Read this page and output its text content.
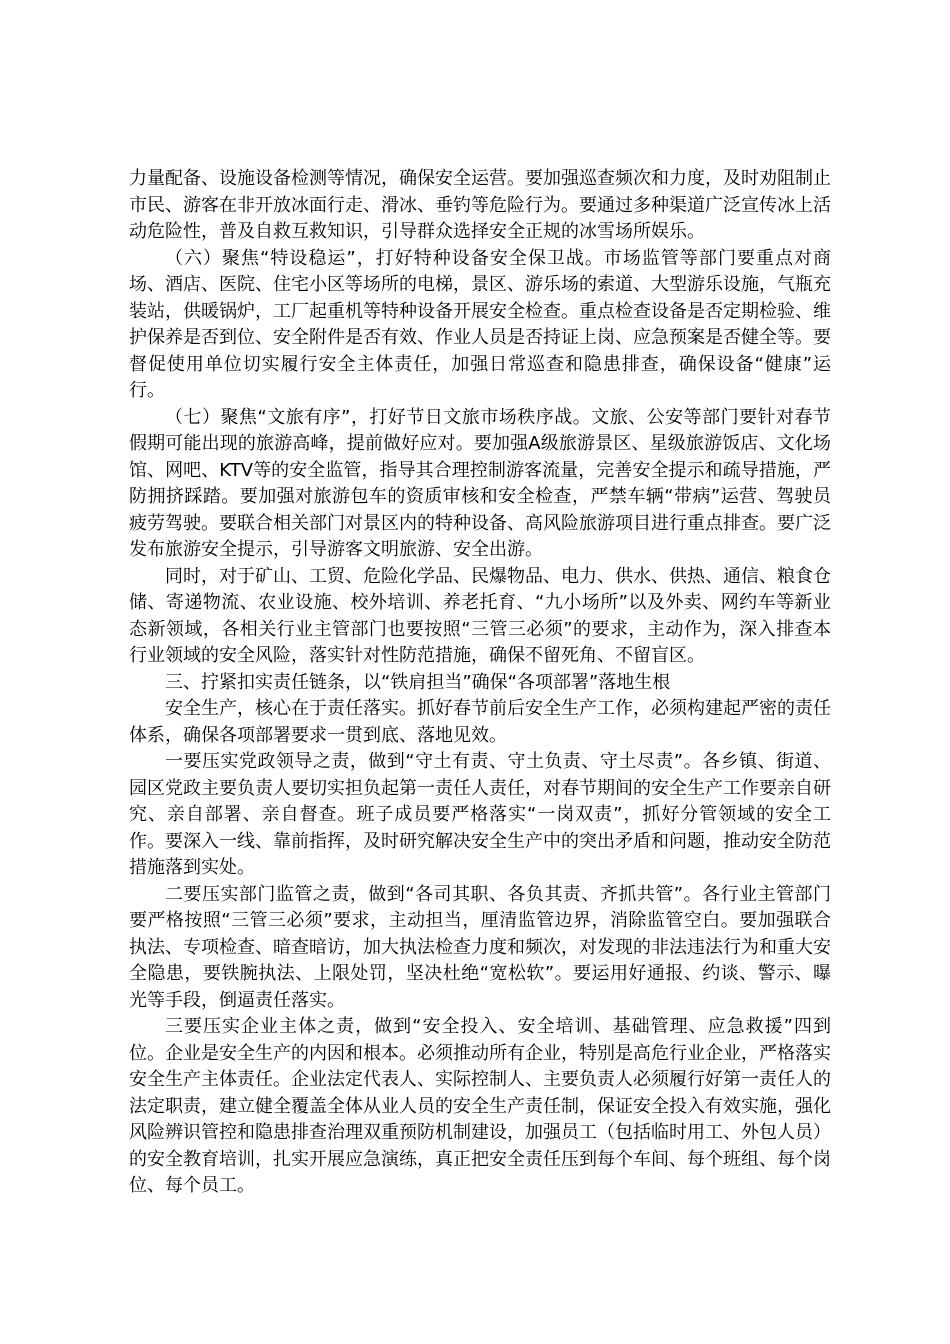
力量配备、设施设备检测等情况，确保安全运营。要加强巡查频次和力度，及时劝阻制止市民、游客在非开放冰面行走、滑冰、垂钓等危险行为。要通过多种渠道广泛宣传冰上活动危险性，普及自救互救知识，引导群众选择安全正规的冰雪场所娱乐。

（六）聚焦“特设稳运”，打好特种设备安全保卫战。市场监管等部门要重点对商场、酒店、医院、住宅小区等场所的电梯，景区、游乐场的索道、大型游乐设施，气瓶充装站，供暖锅炉，工厂起重机等特种设备开展安全检查。重点检查设备是否定期检验、维护保养是否到位、安全附件是否有效、作业人员是否持证上岗、应急预案是否健全等。要督促使用单位切实履行安全主体责任，加强日常巡查和隐患排查，确保设备“健康”运行。

（七）聚焦“文旅有序”，打好节日文旅市场秩序战。文旅、公安等部门要针对春节假期可能出现的旅游高峰，提前做好应对。要加强A级旅游景区、星级旅游饭店、文化场馆、网吧、KTV等的安全监管，指导其合理控制游客流量，完善安全提示和疏导措施，严防拥挤踩踏。要加强对旅游包车的资质审核和安全检查，严禁车辆“带病”运营、驾驶员疲劳驾驶。要联合相关部门对景区内的特种设备、高风险旅游项目进行重点排查。要广泛发布旅游安全提示，引导游客文明旅游、安全出游。

同时，对于矿山、工贸、危险化学品、民爆物品、电力、供水、供热、通信、粮食仓储、寄递物流、农业设施、校外培训、养老托育、“九小场所”以及外卖、网约车等新业态新领域，各相关行业主管部门也要按照“三管三必须”的要求，主动作为，深入排查本行业领域的安全风险，落实针对性防范措施，确保不留死角、不留盲区。

三、拧紧扣实责任链条，以“铁肩担当”确保“各项部署”落地生根

安全生产，核心在于责任落实。抓好春节前后安全生产工作，必须构建起严密的责任体系，确保各项部署要求一贯到底、落地见效。

一要压实党政领导之责，做到“守土有责、守土负责、守土尽责”。各乡镇、街道、园区党政主要负责人要切实担负起第一责任人责任，对春节期间的安全生产工作要亲自研究、亲自部署、亲自督查。班子成员要严格落实“一岗双责”，抓好分管领域的安全工作。要深入一线、靠前指挥，及时研究解决安全生产中的突出矛盾和问题，推动安全防范措施落到实处。

二要压实部门监管之责，做到“各司其职、各负其责、齐抓共管”。各行业主管部门要严格按照“三管三必须”要求，主动担当，厘清监管边界，消除监管空白。要加强联合执法、专项检查、暗查暗访，加大执法检查力度和频次，对发现的非法违法行为和重大安全隐患，要铁腕执法、上限处罚，坚决杜绝“宽松软”。要运用好通报、约谈、警示、曝光等手段，倒逼责任落实。

三要压实企业主体之责，做到“安全投入、安全培训、基础管理、应急救援”四到位。企业是安全生产的内因和根本。必须推动所有企业，特别是高危行业企业，严格落实安全生产主体责任。企业法定代表人、实际控制人、主要负责人必须履行好第一责任人的法定职责，建立健全覆盖全体从业人员的安全生产责任制，保证安全投入有效实施，强化风险辨识管控和隐患排查治理双重预防机制建设，加强员工（包括临时用工、外包人员）的安全教育培训，扎实开展应急演练，真正把安全责任压到每个车间、每个班组、每个岗位、每个员工。
